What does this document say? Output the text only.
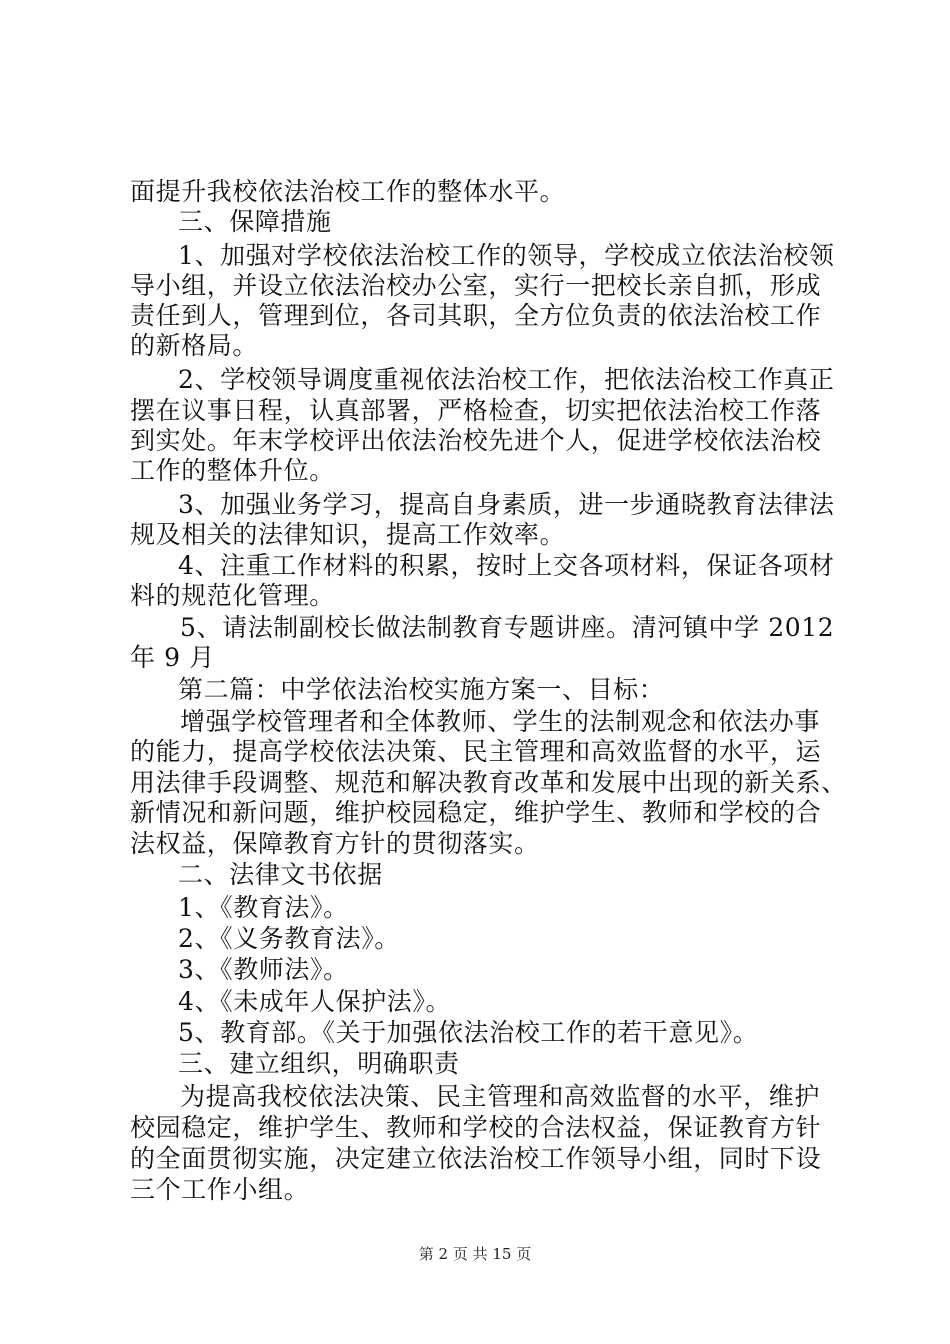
面提升我校依法治校工作的整体水平。
三、保障措施
1、加强对学校依法治校工作的领导，学校成立依法治校领
导小组，并设立依法治校办公室，实行一把校长亲自抓，形成
责任到人，管理到位，各司其职，全方位负责的依法治校工作
的新格局。
2、学校领导调度重视依法治校工作，把依法治校工作真正
摆在议事日程，认真部署，严格检查，切实把依法治校工作落
到实处。年末学校评出依法治校先进个人，促进学校依法治校
工作的整体升位。
3、加强业务学习，提高自身素质，进一步通晓教育法律法
规及相关的法律知识，提高工作效率。
4、注重工作材料的积累，按时上交各项材料，保证各项材
料的规范化管理。
5、请法制副校长做法制教育专题讲座。清河镇中学 2012
年 9 月
第二篇：中学依法治校实施方案一、目标：
增强学校管理者和全体教师、学生的法制观念和依法办事
的能力，提高学校依法决策、民主管理和高效监督的水平，运
用法律手段调整、规范和解决教育改革和发展中出现的新关系、
新情况和新问题，维护校园稳定，维护学生、教师和学校的合
法权益，保障教育方针的贯彻落实。
二、法律文书依据
1、《教育法》。
2、《义务教育法》。
3、《教师法》。
4、《未成年人保护法》。
5、教育部。《关于加强依法治校工作的若干意见》。
三、建立组织，明确职责
为提高我校依法决策、民主管理和高效监督的水平，维护
校园稳定，维护学生、教师和学校的合法权益，保证教育方针
的全面贯彻实施，决定建立依法治校工作领导小组，同时下设
三个工作小组。
第 2 页 共 15 页
